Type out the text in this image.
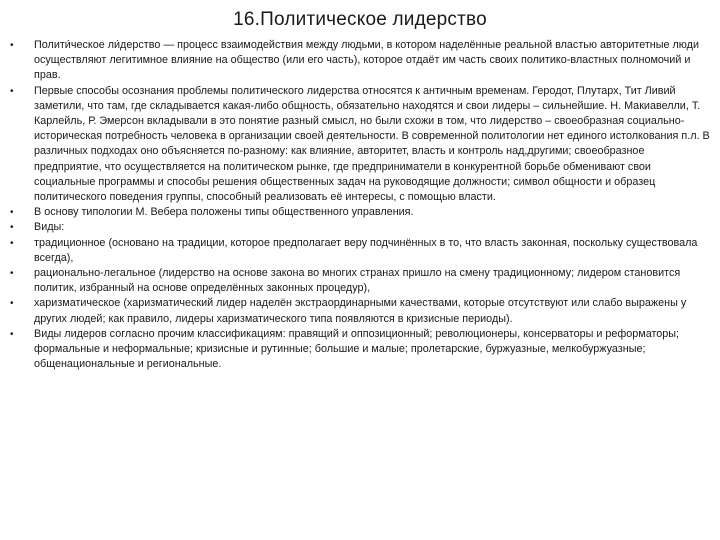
16.Политическое лидерство
•	Полити́ческое ли́дерство — процесс взаимодействия между людьми, в котором наделённые реальной властью авторитетные люди осуществляют легитимное влияние на общество (или его часть), которое отдаёт им часть своих политико-властных полномочий и прав.
•	Первые способы осознания проблемы политического лидерства относятся к античным временам. Геродот, Плутарх, Тит Ливий заметили, что там, где складывается какая-либо общность, обязательно находятся и свои лидеры – сильнейшие. Н. Макиавелли, Т. Карлейль, Р. Эмерсон вкладывали в это понятие разный смысл, но были схожи в том, что лидерство – своеобразная социально-историческая потребность человека в организации своей деятельности. В современной политологии нет единого истолкования п.л. В различных подходах оно объясняется по-разному: как влияние, авторитет, власть и контроль над,другими; своеобразное предприятие, что осуществляется на политическом рынке, где предприниматели в конкурентной борьбе обменивают свои социальные программы и способы решения общественных задач на руководящие должности; символ общности и образец политического поведения группы, способный реализовать её интересы, с помощью власти.
•	В основу типологии М. Вебера положены типы общественного управления.
•	Виды:
•	традиционное (основано на традиции, которое предполагает веру подчинённых в то, что власть законная, поскольку существовала всегда),
•	рационально-легальное (лидерство на основе закона во многих странах пришло на смену традиционному; лидером становится политик, избранный на основе определённых законных процедур),
•	харизматическое (харизматический лидер наделён экстраординарными качествами, которые отсутствуют или слабо выражены у других людей; как правило, лидеры харизматического типа появляются в кризисные периоды).
•	Виды лидеров согласно прочим классификациям: правящий и оппозиционный; революционеры, консерваторы и реформаторы; формальные и неформальные; кризисные и рутинные; большие и малые; пролетарские, буржуазные, мелкобуржуазные; общенациональные и региональные.
